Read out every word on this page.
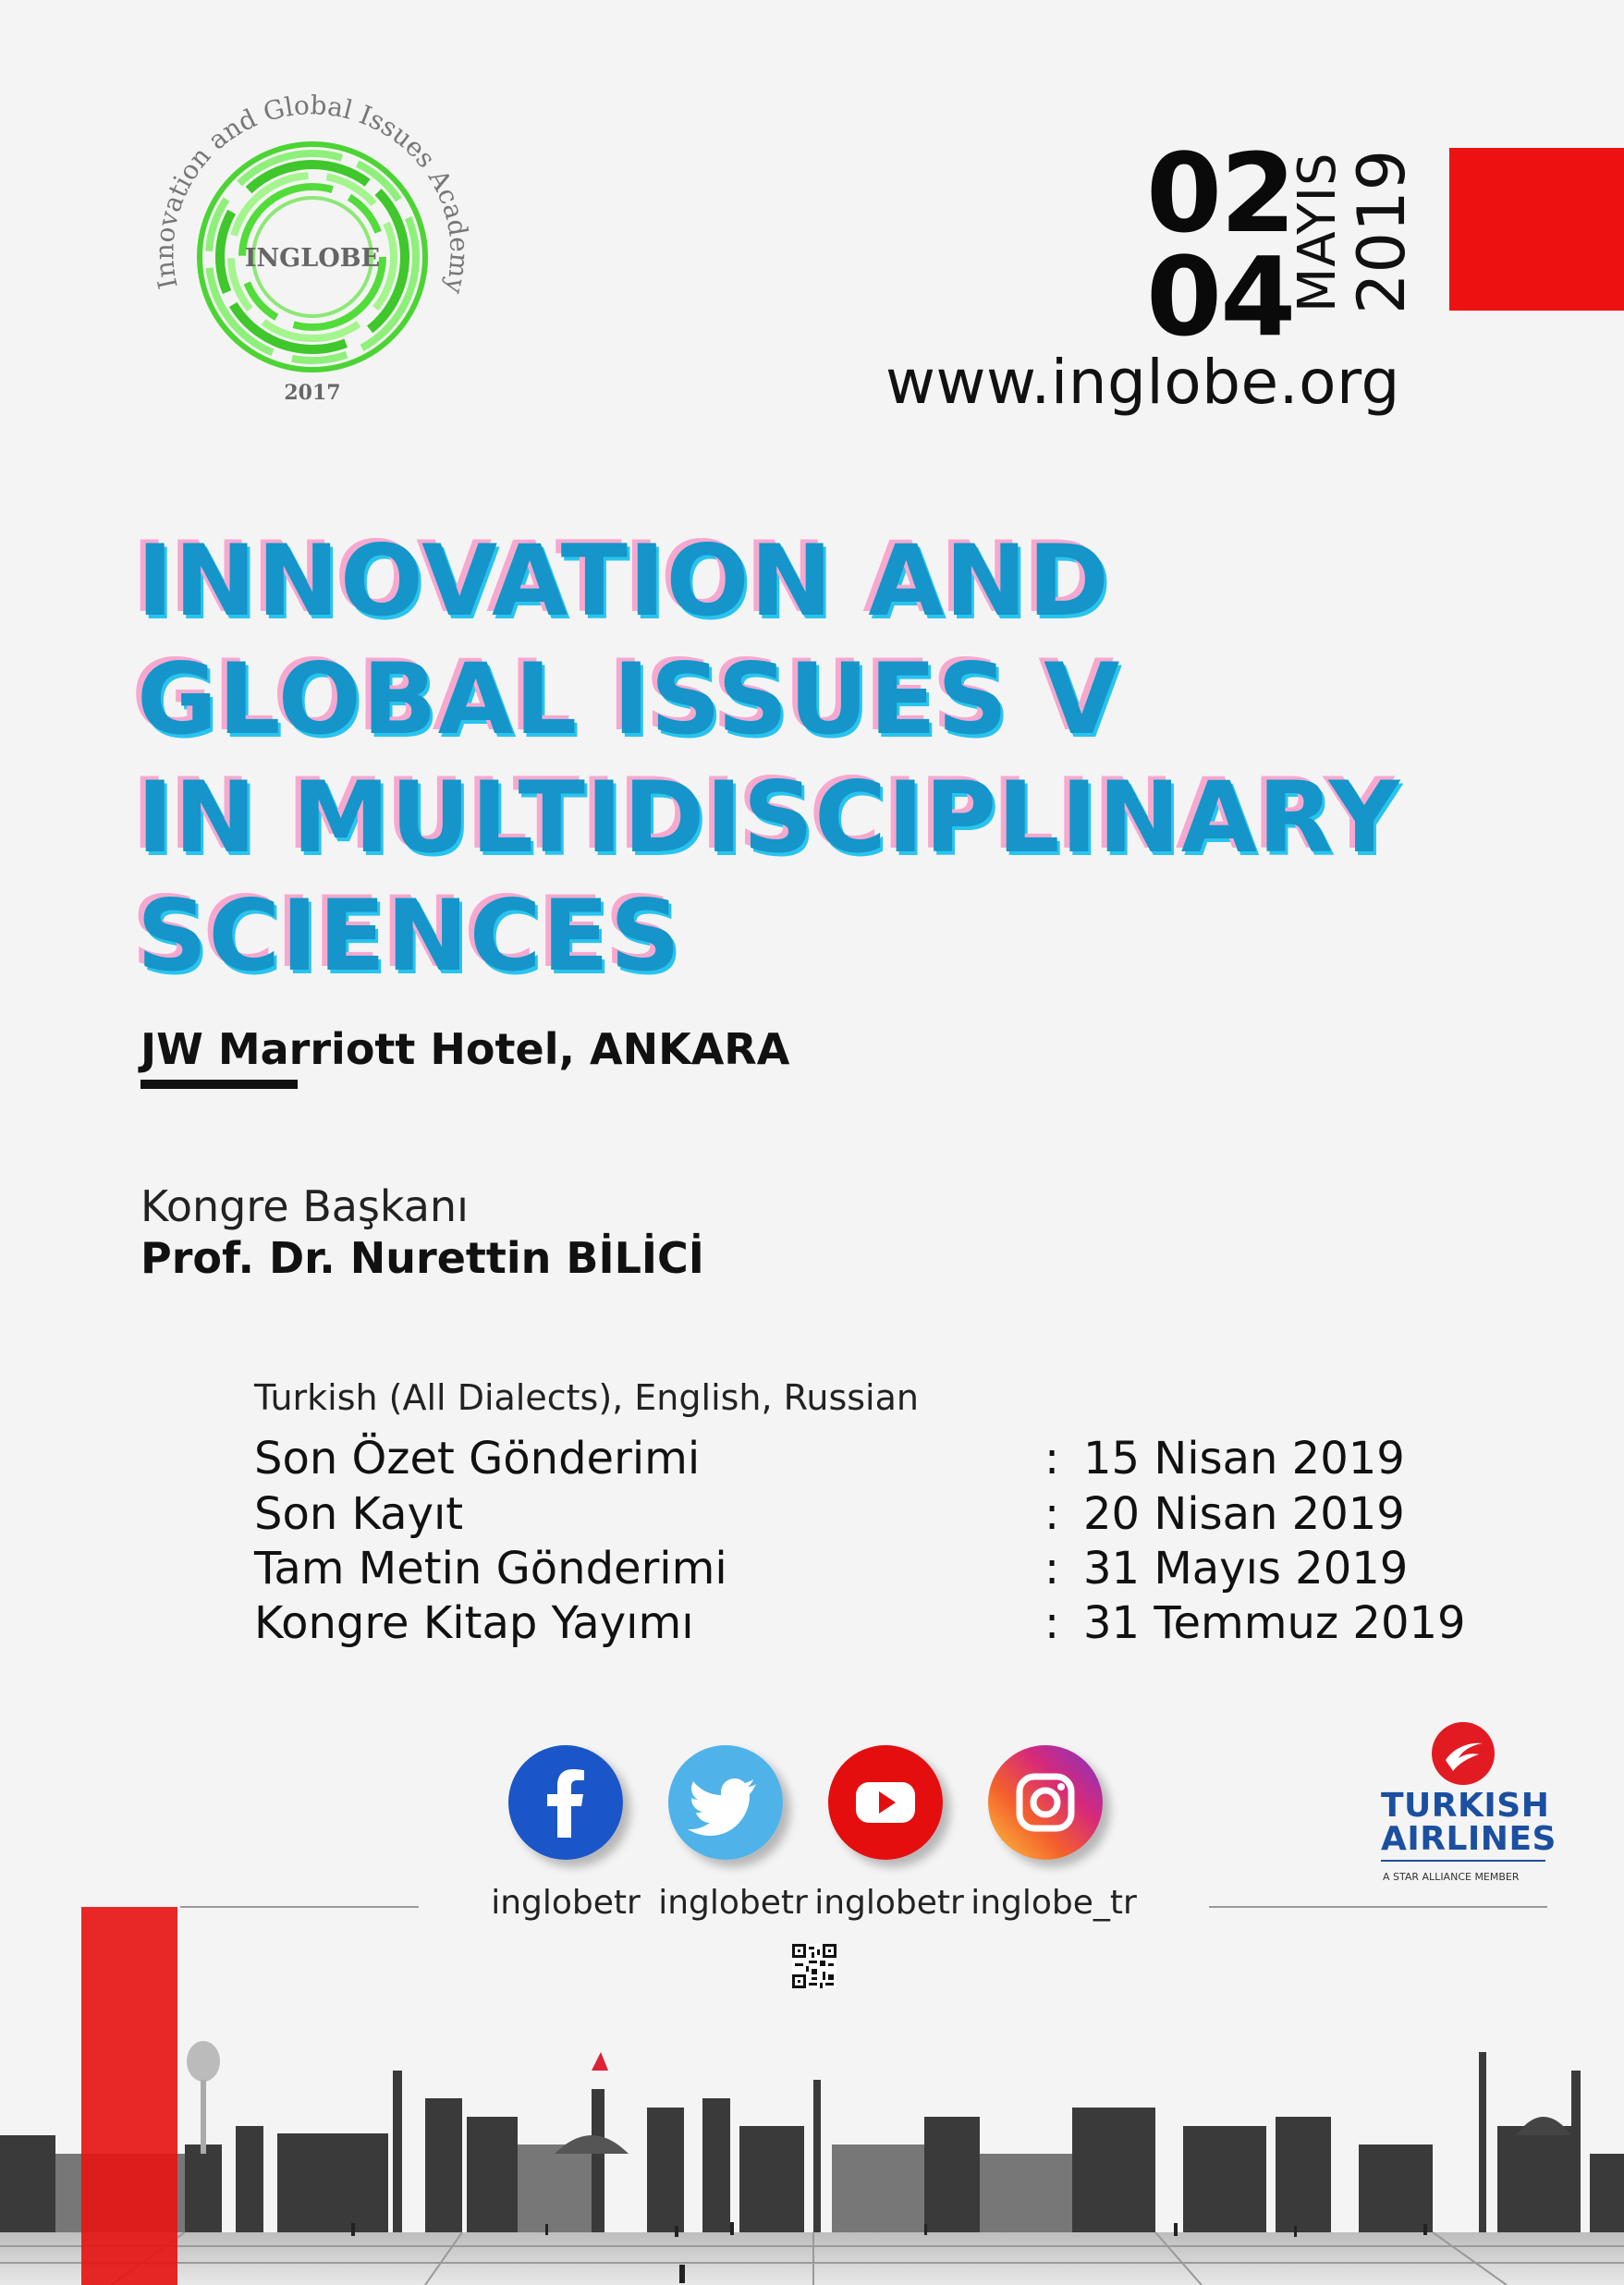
Innovation and Global Issues Academy
INGLOBE
2017
02
04
MAYIS
2019
www.inglobe.org
INNOVATION AND
GLOBAL ISSUES V
IN MULTIDISCIPLINARY
SCIENCES
JW Marriott Hotel, ANKARA
Kongre Başkanı
Prof. Dr. Nurettin BİLİCİ
Turkish (All Dialects), English, Russian
Son Özet Gönderimi	: 15 Nisan 2019
Son Kayıt	: 20 Nisan 2019
Tam Metin Gönderimi	: 31 Mayıs 2019
Kongre Kitap Yayımı	: 31 Temmuz 2019
inglobetr inglobetr inglobetr inglobe_tr
TURKISH
AIRLINES
A STAR ALLIANCE MEMBER
